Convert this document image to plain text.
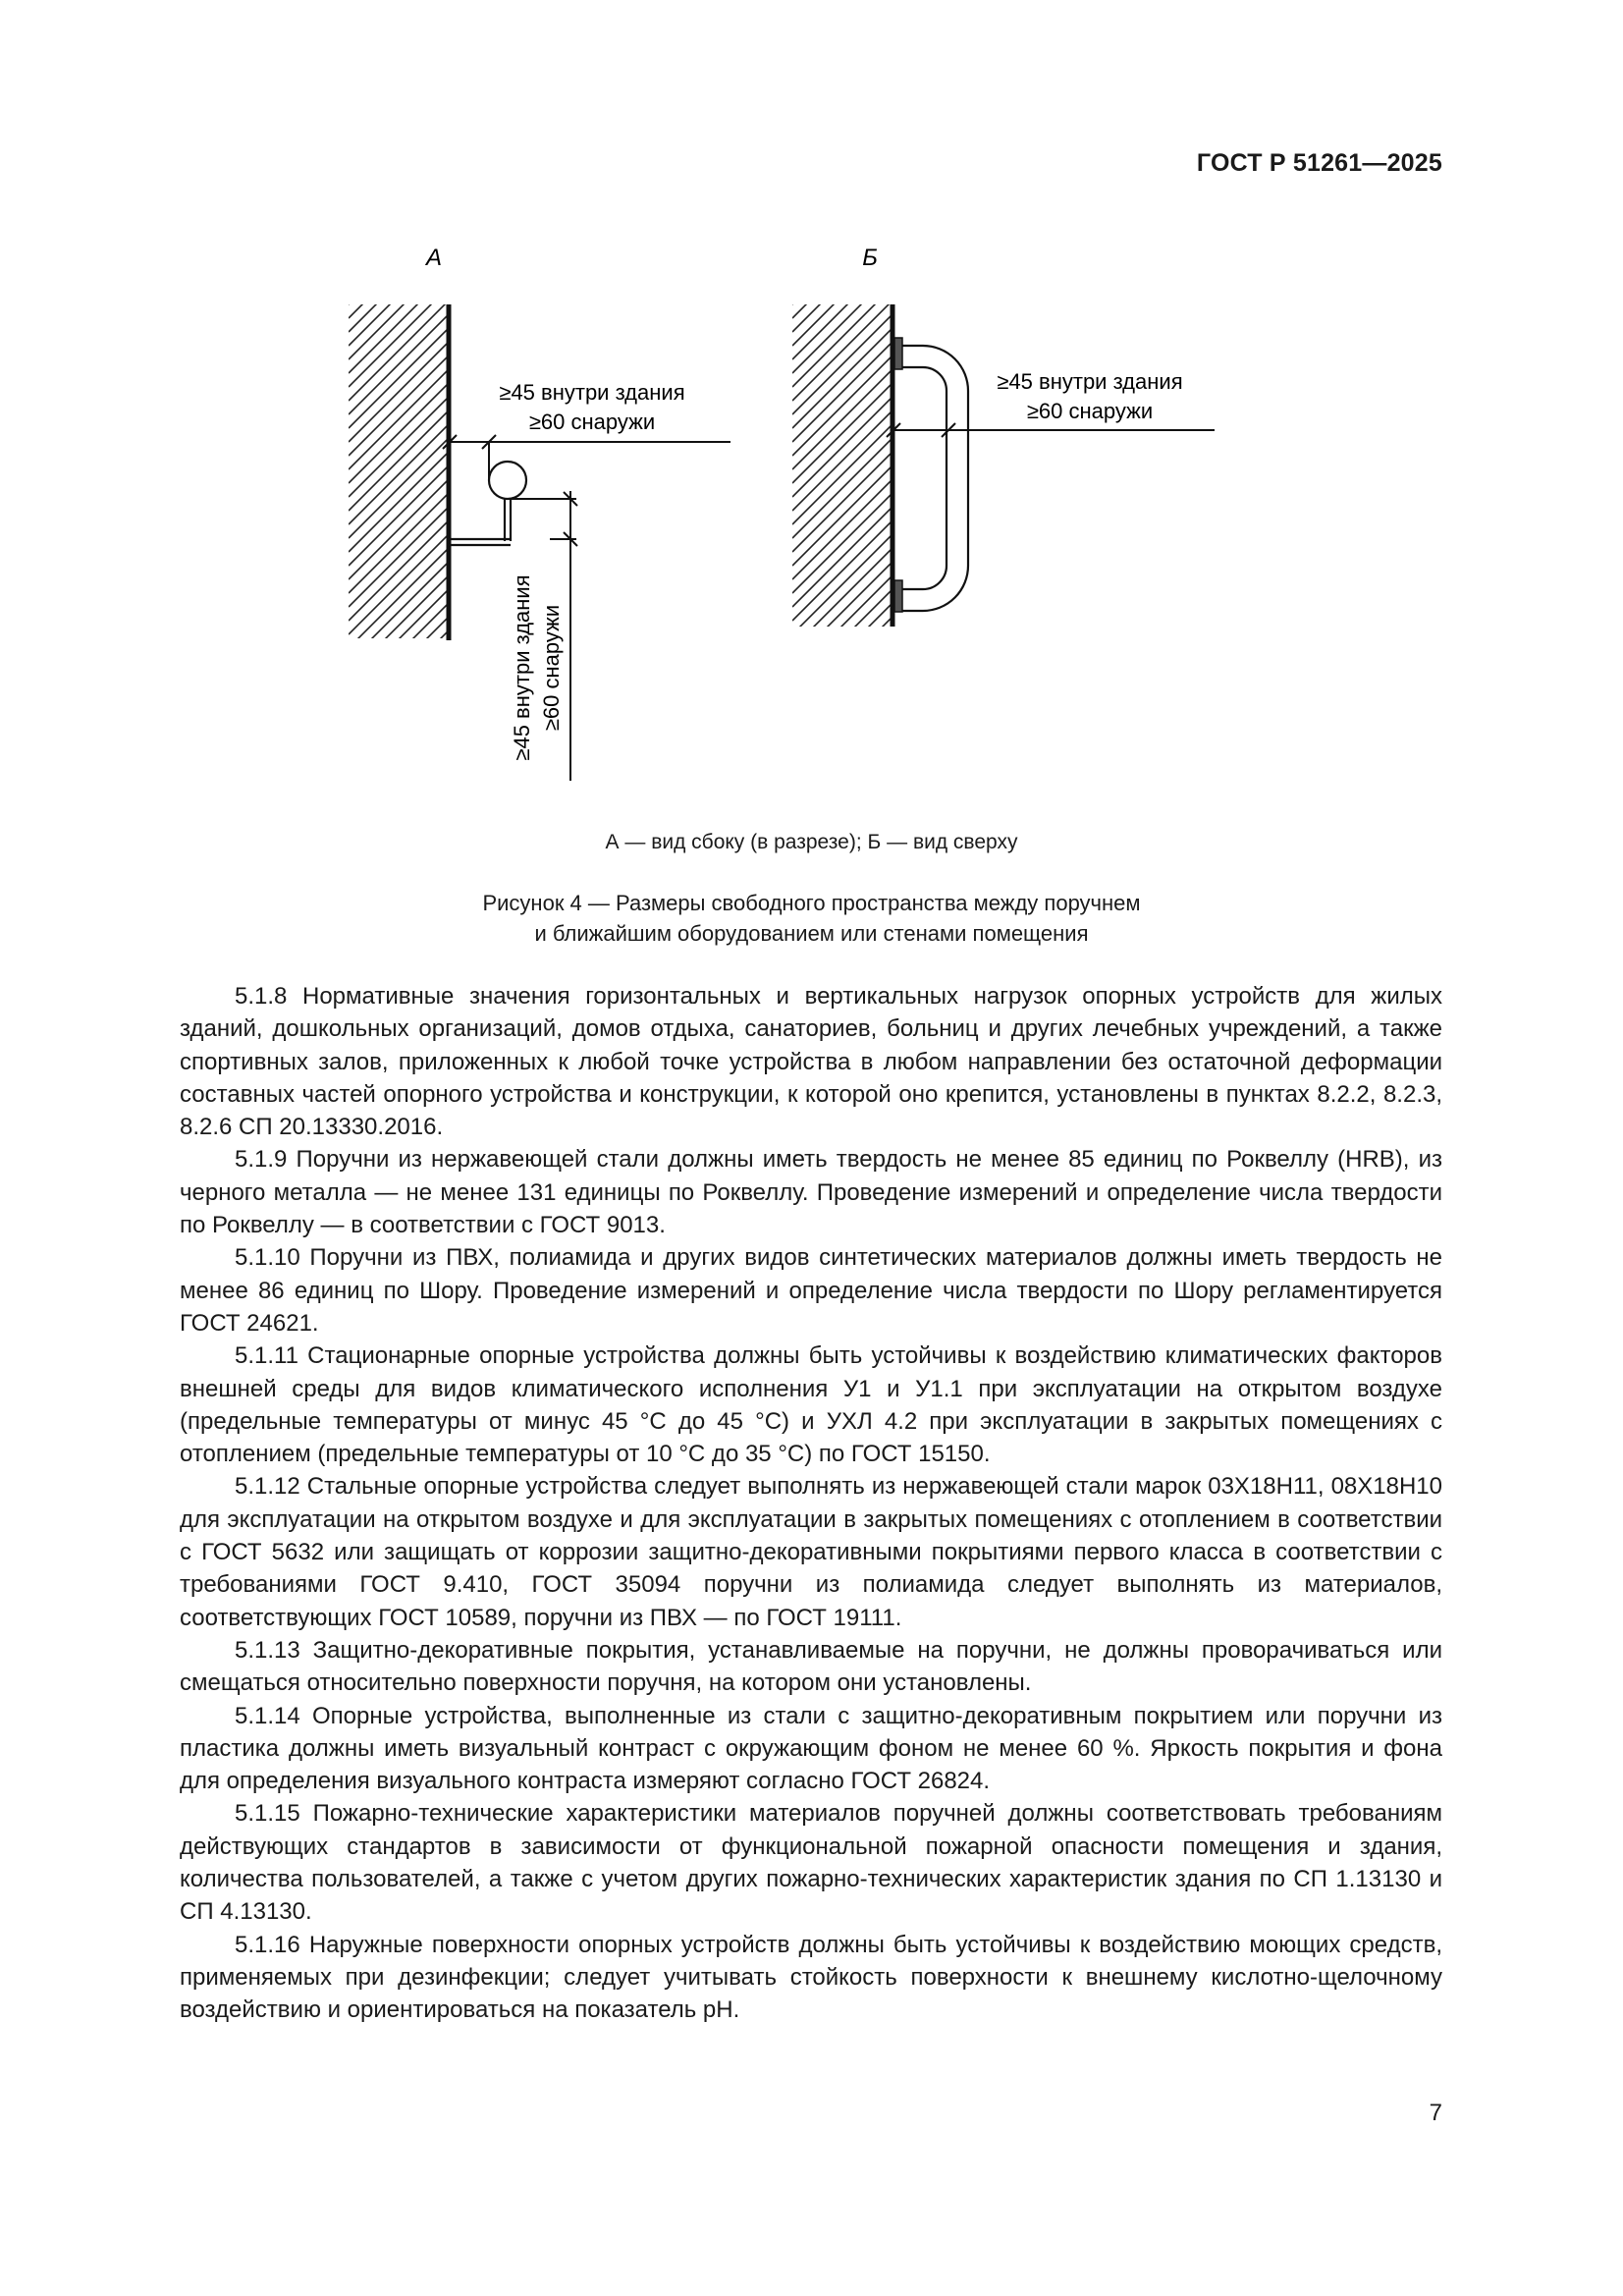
ГОСТ Р 51261—2025
А	Б
≥45 внутри здания
≥60 снаружи
≥45 внутри здания ≥60 снаружи
≥45 внутри здания
≥60 снаружи
А — вид сбоку (в разрезе); Б — вид сверху
Рисунок 4 — Размеры свободного пространства между поручнем
и ближайшим оборудованием или стенами помещения

5.1.8 Нормативные значения горизонтальных и вертикальных нагрузок опорных устройств для жилых зданий, дошкольных организаций, домов отдыха, санаториев, больниц и других лечебных учреждений, а также спортивных залов, приложенных к любой точке устройства в любом направлении без остаточной деформации составных частей опорного устройства и конструкции, к которой оно крепится, установлены в пунктах 8.2.2, 8.2.3, 8.2.6 СП 20.13330.2016.

5.1.9 Поручни из нержавеющей стали должны иметь твердость не менее 85 единиц по Роквеллу (HRB), из черного металла — не менее 131 единицы по Роквеллу. Проведение измерений и определение числа твердости по Роквеллу — в соответствии с ГОСТ 9013.

5.1.10 Поручни из ПВХ, полиамида и других видов синтетических материалов должны иметь твердость не менее 86 единиц по Шору. Проведение измерений и определение числа твердости по Шору регламентируется ГОСТ 24621.

5.1.11 Стационарные опорные устройства должны быть устойчивы к воздействию климатических факторов внешней среды для видов климатического исполнения У1 и У1.1 при эксплуатации на открытом воздухе (предельные температуры от минус 45 °С до 45 °С) и УХЛ 4.2 при эксплуатации в закрытых помещениях с отоплением (предельные температуры от 10 °С до 35 °С) по ГОСТ 15150.

5.1.12 Стальные опорные устройства следует выполнять из нержавеющей стали марок 03Х18Н11, 08Х18Н10 для эксплуатации на открытом воздухе и для эксплуатации в закрытых помещениях с отоплением в соответствии с ГОСТ 5632 или защищать от коррозии защитно-декоративными покрытиями первого класса в соответствии с требованиями ГОСТ 9.410, ГОСТ 35094 поручни из полиамида следует выполнять из материалов, соответствующих ГОСТ 10589, поручни из ПВХ — по ГОСТ 19111.

5.1.13 Защитно-декоративные покрытия, устанавливаемые на поручни, не должны проворачиваться или смещаться относительно поверхности поручня, на котором они установлены.

5.1.14 Опорные устройства, выполненные из стали с защитно-декоративным покрытием или поручни из пластика должны иметь визуальный контраст с окружающим фоном не менее 60 %. Яркость покрытия и фона для определения визуального контраста измеряют согласно ГОСТ 26824.

5.1.15 Пожарно-технические характеристики материалов поручней должны соответствовать требованиям действующих стандартов в зависимости от функциональной пожарной опасности помещения и здания, количества пользователей, а также с учетом других пожарно-технических характеристик здания по СП 1.13130 и СП 4.13130.

5.1.16 Наружные поверхности опорных устройств должны быть устойчивы к воздействию моющих средств, применяемых при дезинфекции; следует учитывать стойкость поверхности к внешнему кислотно-щелочному воздействию и ориентироваться на показатель рН.

7
